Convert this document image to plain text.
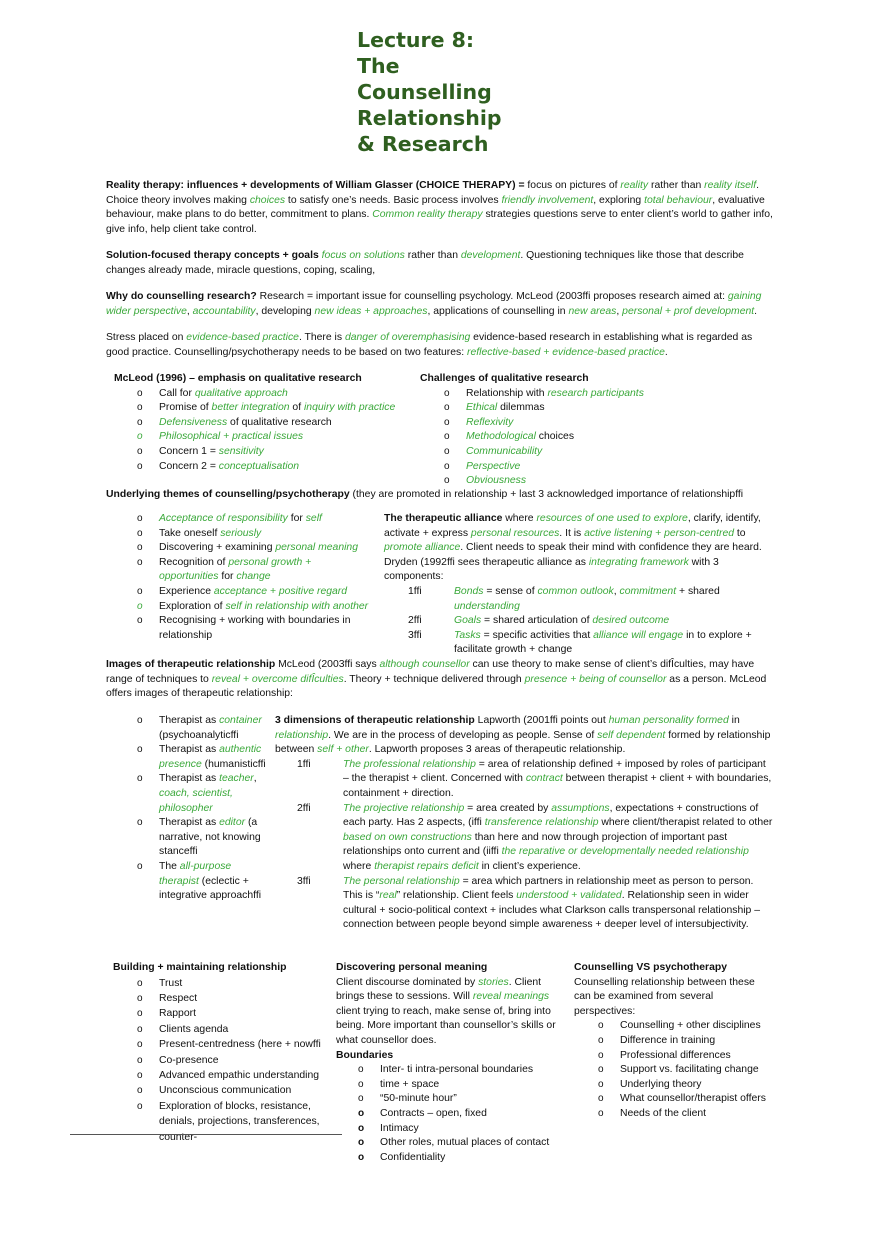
Lecture 8:
The
Counselling
Relationship
& Research
Reality therapy: influences + developments of William Glasser (CHOICE THERAPY) = focus on pictures of reality rather than reality itself. Choice theory involves making choices to satisfy one’s needs. Basic process involves friendly involvement, exploring total behaviour, evaluative behaviour, make plans to do better, commitment to plans. Common reality therapy strategies questions serve to enter client’s world to gather info, give info, help client take control.
Solution-focused therapy concepts + goals focus on solutions rather than development. Questioning techniques like those that describe changes already made, miracle questions, coping, scaling,
Why do counselling research? Research = important issue for counselling psychology. McLeod (2003ffi proposes research aimed at: gaining wider perspective, accountability, developing new ideas + approaches, applications of counselling in new areas, personal + prof development.
Stress placed on evidence-based practice. There is danger of overemphasising evidence-based research in establishing what is regarded as good practice. Counselling/psychotherapy needs to be based on two features: reflective-based + evidence-based practice.
McLeod (1996) – emphasis on qualitative research
o Call for qualitative approach
o Promise of better integration of inquiry with practice
o Defensiveness of qualitative research
o Philosophical + practical issues
o Concern 1 = sensitivity
o Concern 2 = conceptualisation
Challenges of qualitative research
o Relationship with research participants
o Ethical dilemmas
o Reflexivity
o Methodological choices
o Communicability
o Perspective
o Obviousness
Underlying themes of counselling/psychotherapy (they are promoted in relationship + last 3 acknowledged importance of relationshipffi
o Acceptance of responsibility for self
o Take oneself seriously
o Discovering + examining personal meaning
o Recognition of personal growth + opportunities for change
o Experience acceptance + positive regard
o Exploration of self in relationship with another
o Recognising + working with boundaries in relationship
The therapeutic alliance where resources of one used to explore, clarify, identify, activate + express personal resources. It is active listening + person-centred to promote alliance. Client needs to speak their mind with confidence they are heard. Dryden (1992ffi sees therapeutic alliance as integrating framework with 3 components:
1ffi	Bonds = sense of common outlook, commitment + shared understanding
2ffi	Goals = shared articulation of desired outcome
3ffi	Tasks = specific activities that alliance will engage in to explore + facilitate growth + change
Images of therapeutic relationship McLeod (2003ffi says although counsellor can use theory to make sense of client’s difÎculties, may have range of techniques to reveal + overcome difÎculties. Theory + technique delivered through presence + being of counsellor as a person. McLeod offers images of therapeutic relationship:
o Therapist as container (psychoanalyticffi
o Therapist as authentic presence (humanisticffi
o Therapist as teacher, coach, scientist, philosopher
o Therapist as editor (a narrative, not knowing stanceffi
o The all-purpose therapist (eclectic + integrative approachffi
3 dimensions of therapeutic relationship Lapworth (2001ffi points out human personality formed in relationship. We are in the process of developing as people. Sense of self dependent formed by relationship between self + other. Lapworth proposes 3 areas of therapeutic relationship.
1ffi	The professional relationship = area of relationship defined + imposed by roles of participant – the therapist + client. Concerned with contract between therapist + client + with boundaries, containment + direction.
2ffi	The projective relationship = area created by assumptions, expectations + constructions of each party. Has 2 aspects, (iffi transference relationship where client/therapist related to other based on own constructions than here and now through projection of important past relationships onto current and (iiffi the reparative or developmentally needed relationship where therapist repairs deficit in client’s experience.
3ffi	The personal relationship = area which partners in relationship meet as person to person. This is “real” relationship. Client feels understood + validated. Relationship seen in wider cultural + socio-political context + includes what Clarkson calls transpersonal relationship – connection between people beyond simple awareness + deeper level of intersubjectivity.
Building + maintaining relationship
o Trust
o Respect
o Rapport
o Clients agenda
o Present-centredness (here + nowffi
o Co-presence
o Advanced empathic understanding
o Unconscious communication
o Exploration of blocks, resistance, denials, projections, transferences, counter-
Discovering personal meaning
Client discourse dominated by stories. Client brings these to sessions. Will reveal meanings client trying to reach, make sense of, bring into being. More important than counsellor’s skills or what counsellor does.
Boundaries
o Inter- ti intra-personal boundaries
o time + space
o “50-minute hour”
o Contracts – open, fixed
o Intimacy
o Other roles, mutual places of contact
o Confidentiality
Counselling VS psychotherapy
Counselling relationship between these can be examined from several perspectives:
o Counselling + other disciplines
o Difference in training
o Professional differences
o Support vs. facilitating change
o Underlying theory
o What counsellor/therapist offers
o Needs of the client
